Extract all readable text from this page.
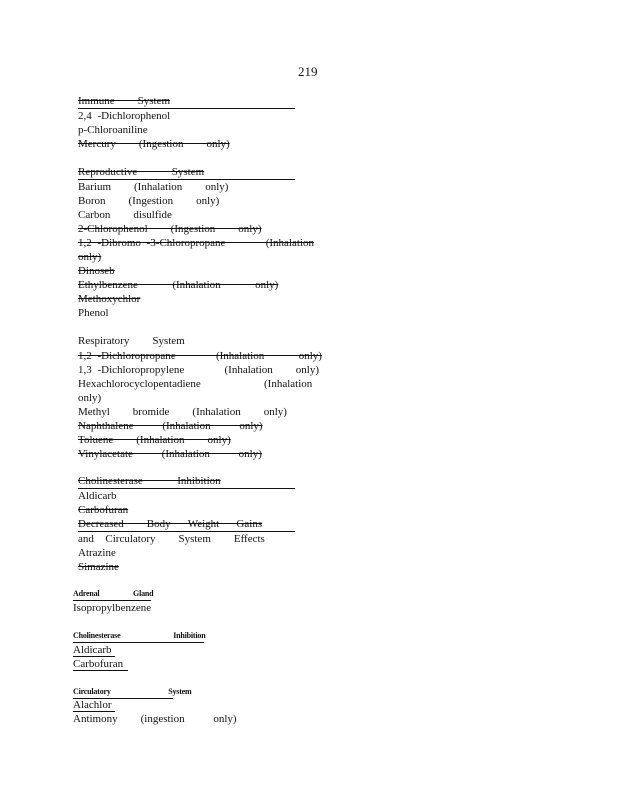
219
Immune    System
2,4 -Dichlorophenol
p-Chloroaniline
Mercury    (Ingestion    only)
Reproductive      System
Barium    (Inhalation    only)
Boron    (Ingestion    only)
Carbon    disulfide
2-Chlorophenol    (Ingestion    only)
1,2 -Dibromo -3-Chloropropane       (Inhalation
only)
Dinoseb
Ethylbenzene      (Inhalation      only)
Methoxychlor
Phenol
Respiratory    System
1,2 -Dichloropropane       (Inhalation      only)
1,3 -Dichloropropylene       (Inhalation    only)
Hexachlorocyclopentadiene           (Inhalation
only)
Methyl    bromide    (Inhalation    only)
Naphthalene     (Inhalation     only)
Toluene    (Inhalation    only)
Vinylacetate     (Inhalation     only)
Cholinesterase      Inhibition
Aldicarb
Carbofuran
Decreased    Body   Weight   Gains
and  Circulatory    System    Effects
Atrazine
Simazine
Adrenal       Gland
Isopropylbenzene
Cholinesterase           Inhibition
Aldicarb
Carbofuran
Circulatory            System
Alachlor
Antimony    (ingestion     only)
